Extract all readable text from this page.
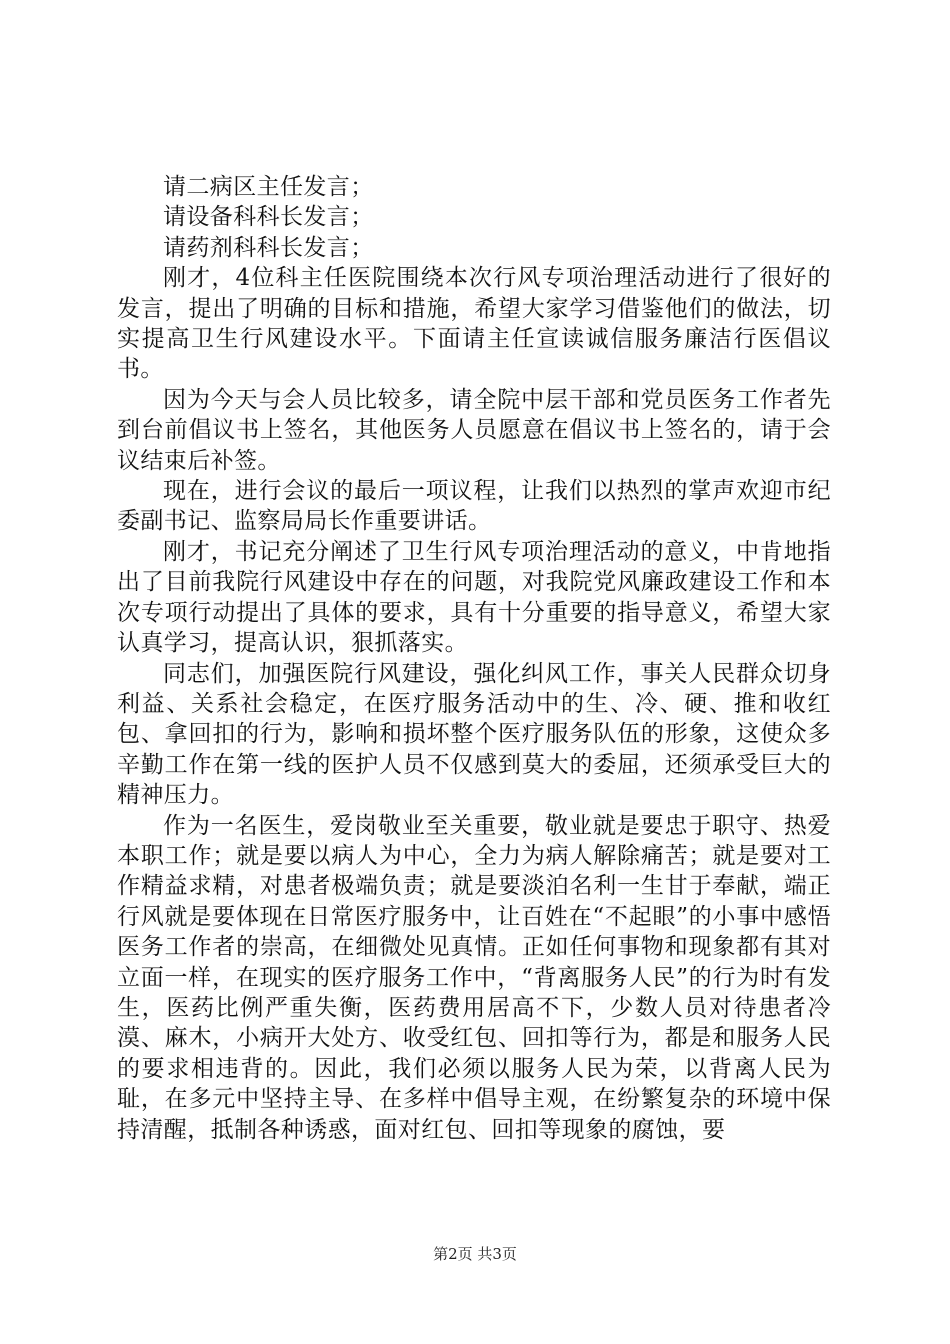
请二病区主任发言；

请设备科科长发言；

请药剂科科长发言；

刚才，4位科主任医院围绕本次行风专项治理活动进行了很好的发言，提出了明确的目标和措施，希望大家学习借鉴他们的做法，切实提高卫生行风建设水平。下面请主任宣读诚信服务廉洁行医倡议书。

因为今天与会人员比较多，请全院中层干部和党员医务工作者先到台前倡议书上签名，其他医务人员愿意在倡议书上签名的，请于会议结束后补签。

现在，进行会议的最后一项议程，让我们以热烈的掌声欢迎市纪委副书记、监察局局长作重要讲话。

刚才，书记充分阐述了卫生行风专项治理活动的意义，中肯地指出了目前我院行风建设中存在的问题，对我院党风廉政建设工作和本次专项行动提出了具体的要求，具有十分重要的指导意义，希望大家认真学习，提高认识，狠抓落实。

同志们，加强医院行风建设，强化纠风工作，事关人民群众切身利益、关系社会稳定，在医疗服务活动中的生、冷、硬、推和收红包、拿回扣的行为，影响和损坏整个医疗服务队伍的形象，这使众多辛勤工作在第一线的医护人员不仅感到莫大的委屈，还须承受巨大的精神压力。

作为一名医生，爱岗敬业至关重要，敬业就是要忠于职守、热爱本职工作；就是要以病人为中心，全力为病人解除痛苦；就是要对工作精益求精，对患者极端负责；就是要淡泊名利一生甘于奉献，端正行风就是要体现在日常医疗服务中，让百姓在“不起眼”的小事中感悟医务工作者的崇高，在细微处见真情。正如任何事物和现象都有其对立面一样，在现实的医疗服务工作中，“背离服务人民”的行为时有发生，医药比例严重失衡，医药费用居高不下，少数人员对待患者冷漠、麻木，小病开大处方、收受红包、回扣等行为，都是和服务人民的要求相违背的。因此，我们必须以服务人民为荣，以背离人民为耻，在多元中坚持主导、在多样中倡导主观，在纷繁复杂的环境中保持清醒，抵制各种诱惑，面对红包、回扣等现象的腐蚀，要

第2页 共3页
